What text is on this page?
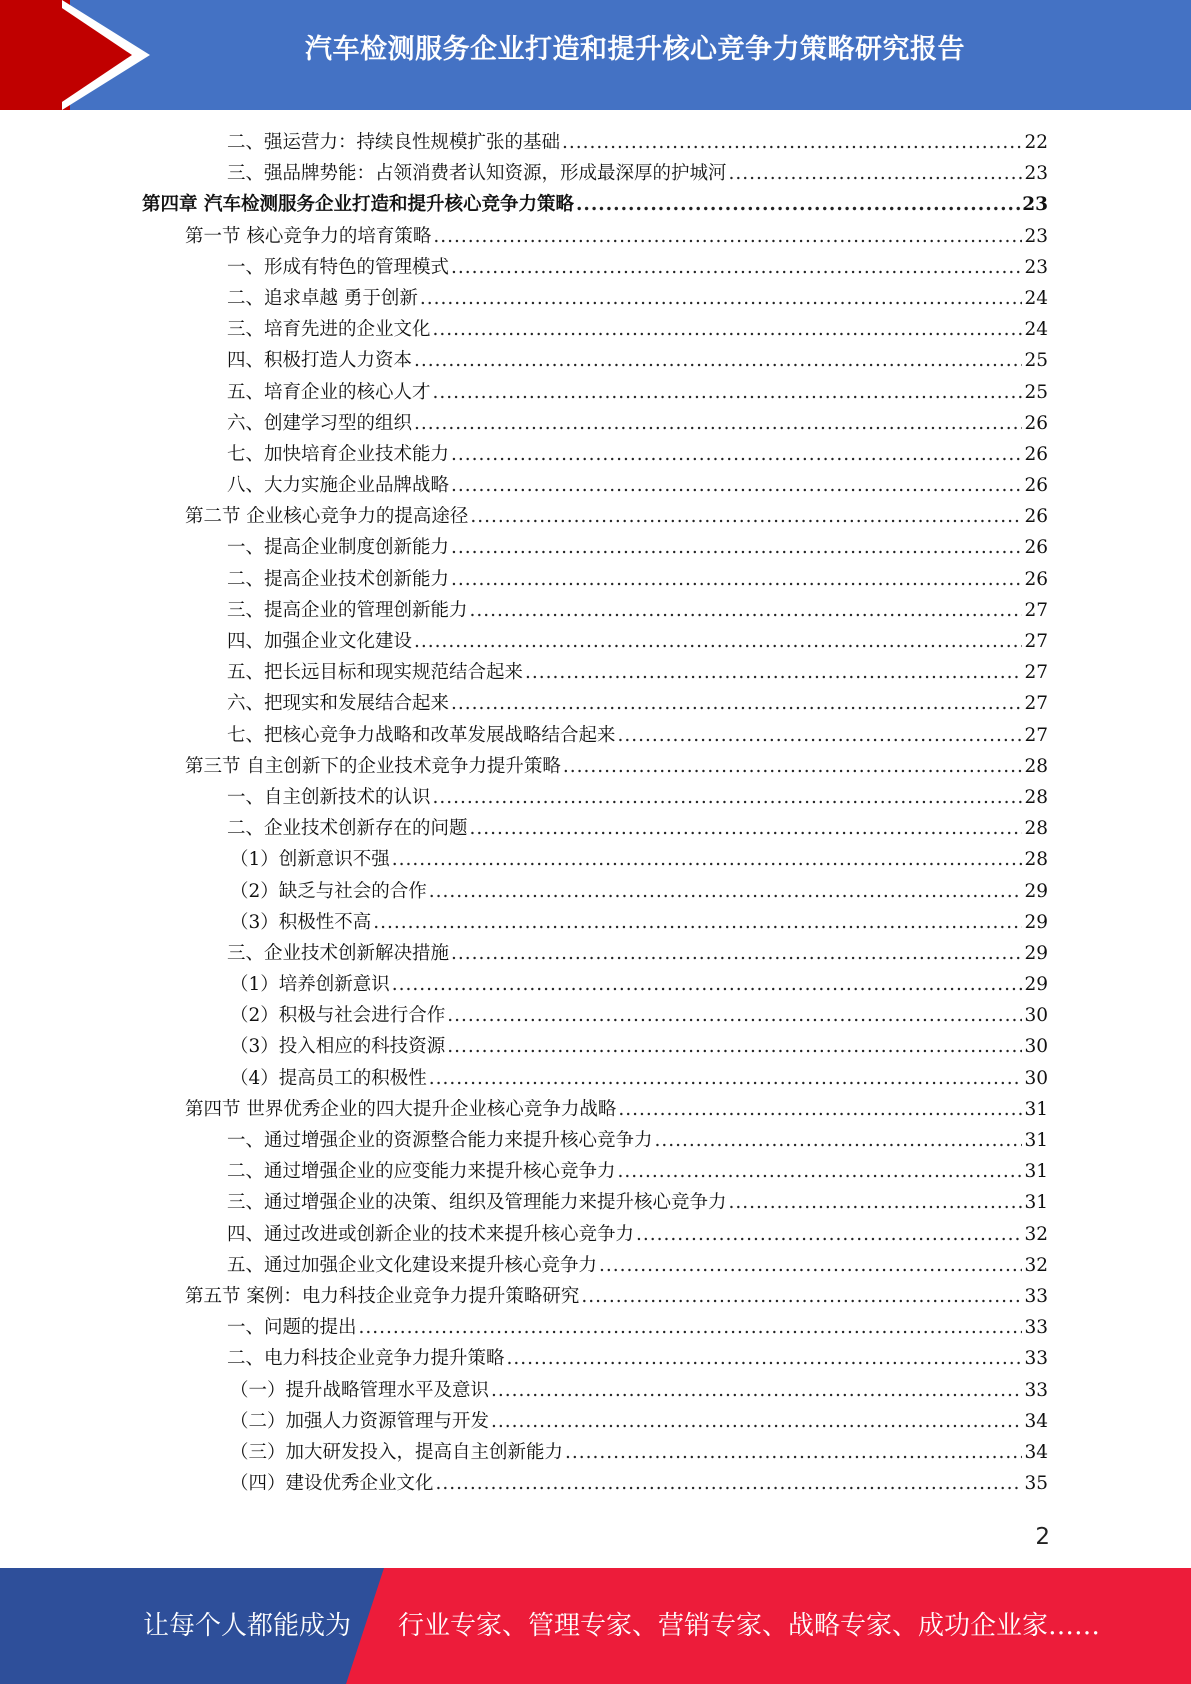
汽车检测服务企业打造和提升核心竞争力策略研究报告
二、强运营力：持续良性规模扩张的基础 .....	22
三、强品牌势能：占领消费者认知资源，形成最深厚的护城河 .....	23
第四章 汽车检测服务企业打造和提升核心竞争力策略 .....	23
第一节 核心竞争力的培育策略 .....	23
一、形成有特色的管理模式 .....	23
二、追求卓越 勇于创新 .....	24
三、培育先进的企业文化 .....	24
四、积极打造人力资本 .....	25
五、培育企业的核心人才 .....	25
六、创建学习型的组织 .....	26
七、加快培育企业技术能力 .....	26
八、大力实施企业品牌战略 .....	26
第二节 企业核心竞争力的提高途径 .....	26
一、提高企业制度创新能力 .....	26
二、提高企业技术创新能力 .....	26
三、提高企业的管理创新能力 .....	27
四、加强企业文化建设 .....	27
五、把长远目标和现实规范结合起来 .....	27
六、把现实和发展结合起来 .....	27
七、把核心竞争力战略和改革发展战略结合起来 .....	27
第三节 自主创新下的企业技术竞争力提升策略 .....	28
一、自主创新技术的认识 .....	28
二、企业技术创新存在的问题 .....	28
（1）创新意识不强 .....	28
（2）缺乏与社会的合作 .....	29
（3）积极性不高 .....	29
三、企业技术创新解决措施 .....	29
（1）培养创新意识 .....	29
（2）积极与社会进行合作 .....	30
（3）投入相应的科技资源 .....	30
（4）提高员工的积极性 .....	30
第四节 世界优秀企业的四大提升企业核心竞争力战略 .....	31
一、通过增强企业的资源整合能力来提升核心竞争力 .....	31
二、通过增强企业的应变能力来提升核心竞争力 .....	31
三、通过增强企业的决策、组织及管理能力来提升核心竞争力 .....	31
四、通过改进或创新企业的技术来提升核心竞争力 .....	32
五、通过加强企业文化建设来提升核心竞争力 .....	32
第五节 案例：电力科技企业竞争力提升策略研究 .....	33
一、问题的提出 .....	33
二、电力科技企业竞争力提升策略 .....	33
（一）提升战略管理水平及意识 .....	33
（二）加强人力资源管理与开发 .....	34
（三）加大研发投入，提高自主创新能力 .....	34
（四）建设优秀企业文化 .....	35
2
让每个人都能成为 行业专家、管理专家、营销专家、战略专家、成功企业家……
